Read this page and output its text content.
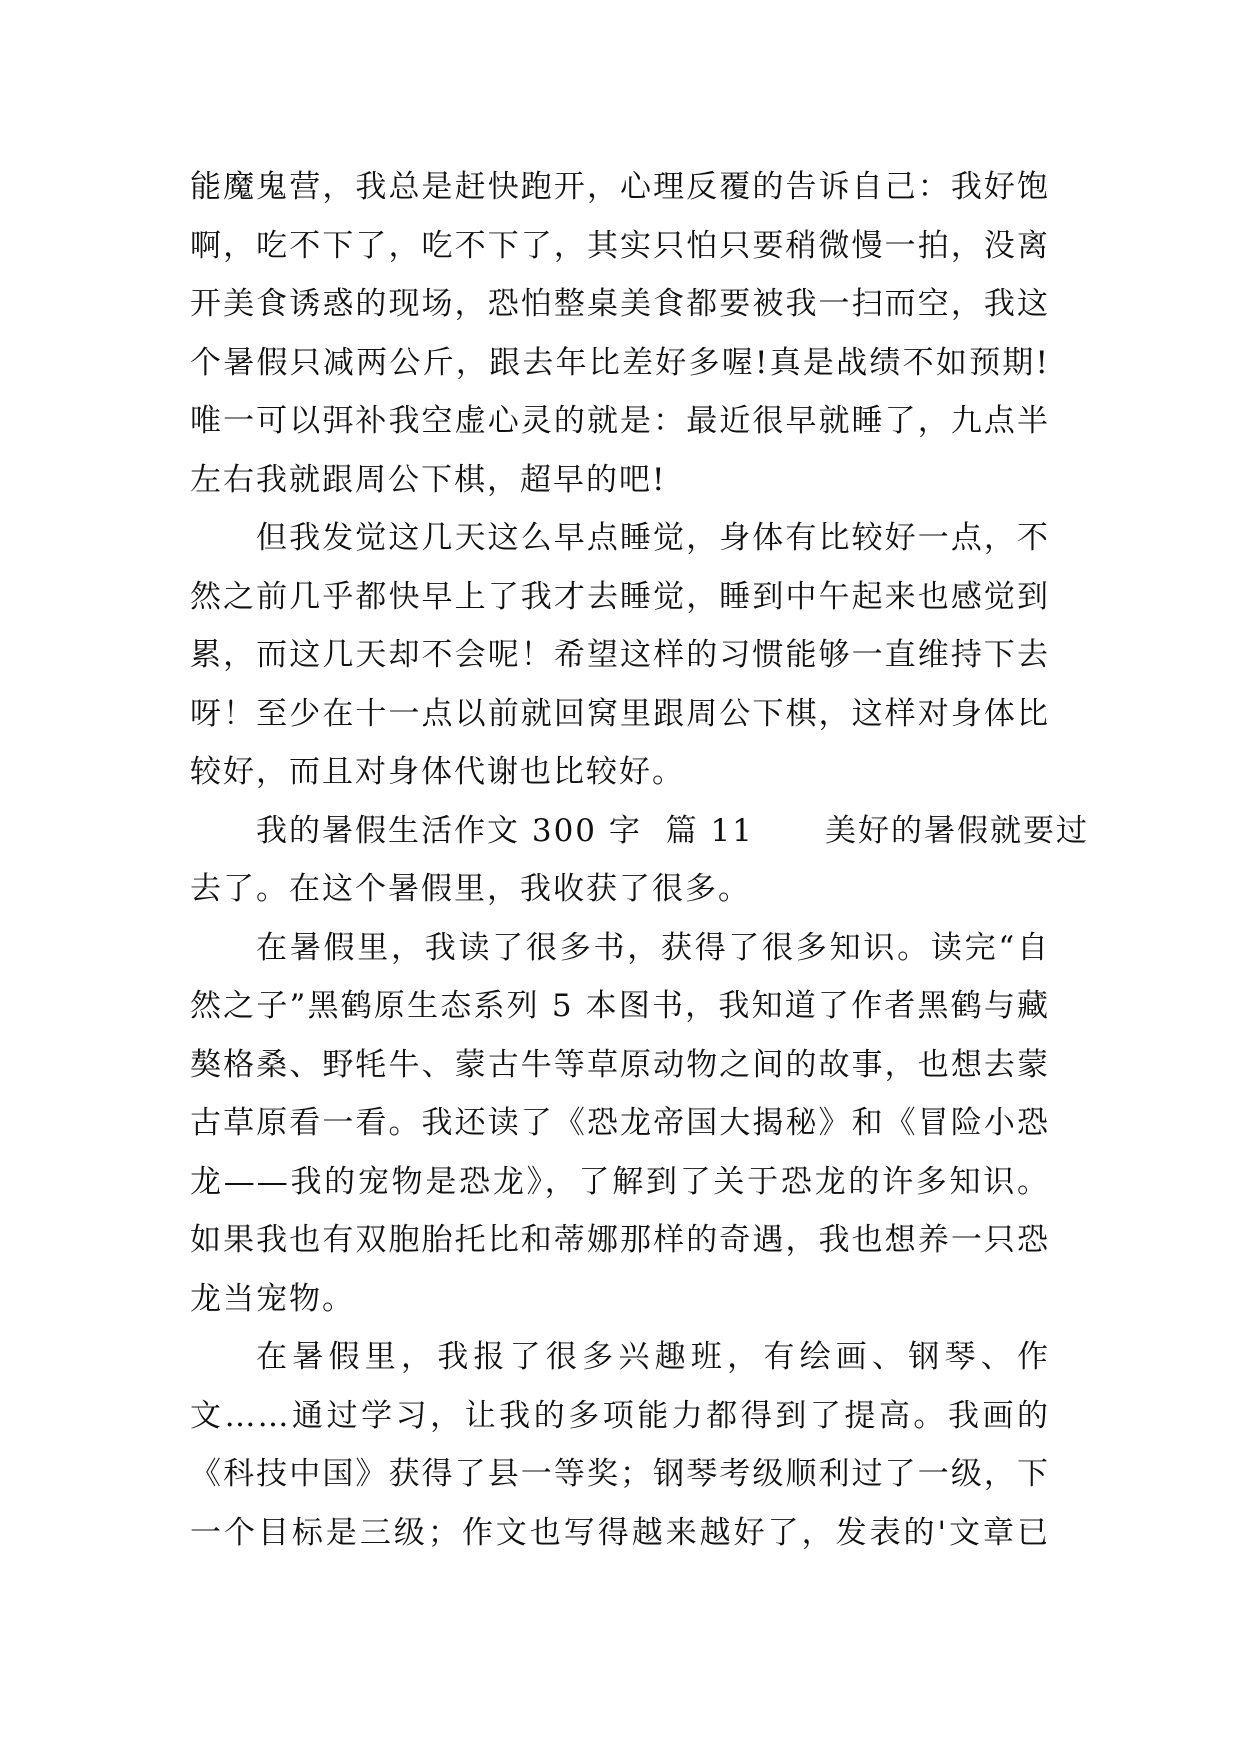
能魔鬼营，我总是赶快跑开，心理反覆的告诉自己：我好饱
啊，吃不下了，吃不下了，其实只怕只要稍微慢一拍，没离
开美食诱惑的现场，恐怕整桌美食都要被我一扫而空，我这
个暑假只减两公斤，跟去年比差好多喔!真是战绩不如预期!
唯一可以弭补我空虚心灵的就是：最近很早就睡了，九点半
左右我就跟周公下棋，超早的吧!
但我发觉这几天这么早点睡觉，身体有比较好一点，不
然之前几乎都快早上了我才去睡觉，睡到中午起来也感觉到
累，而这几天却不会呢！希望这样的习惯能够一直维持下去
呀！至少在十一点以前就回窝里跟周公下棋，这样对身体比
较好，而且对身体代谢也比较好。
我的暑假生活作文 300 字  篇 11      美好的暑假就要过
去了。在这个暑假里，我收获了很多。
在暑假里，我读了很多书，获得了很多知识。读完“自
然之子”黑鹤原生态系列 5 本图书，我知道了作者黑鹤与藏
獒格桑、野牦牛、蒙古牛等草原动物之间的故事，也想去蒙
古草原看一看。我还读了《恐龙帝国大揭秘》和《冒险小恐
龙——我的宠物是恐龙》，了解到了关于恐龙的许多知识。
如果我也有双胞胎托比和蒂娜那样的奇遇，我也想养一只恐
龙当宠物。
在暑假里，我报了很多兴趣班，有绘画、钢琴、作
文……通过学习，让我的多项能力都得到了提高。我画的
《科技中国》获得了县一等奖；钢琴考级顺利过了一级，下
一个目标是三级；作文也写得越来越好了，发表的'文章已
